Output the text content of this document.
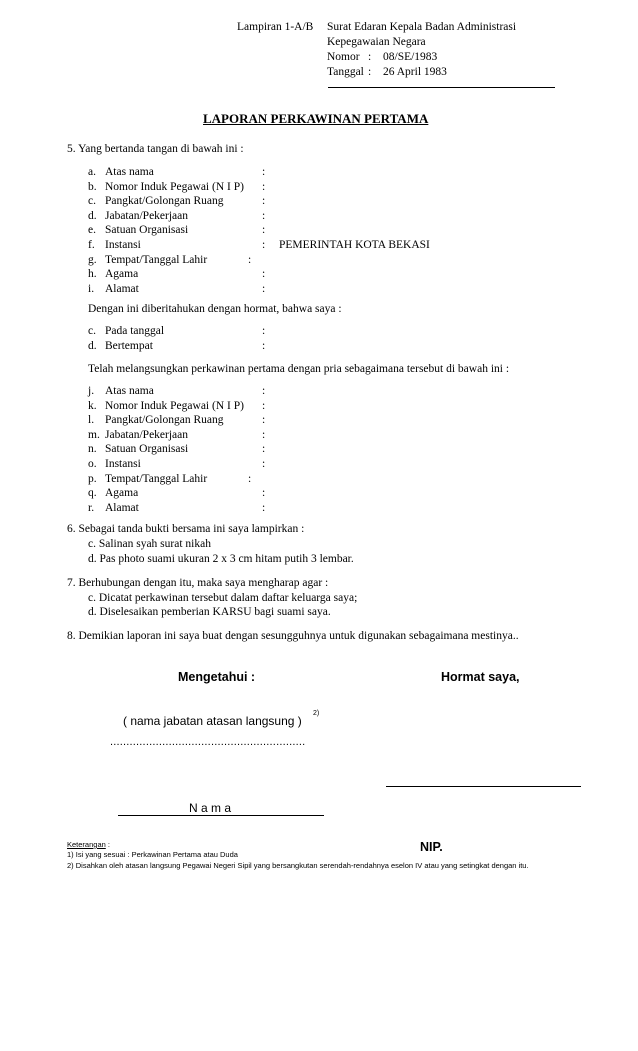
Lampiran 1-A/B Surat Edaran Kepala Badan Administrasi
Kepegawaian Negara
Nomor : 08/SE/1983
Tanggal : 26 April 1983
LAPORAN PERKAWINAN PERTAMA
5. Yang bertanda tangan di bawah ini :
a. Atas nama	:
b. Nomor Induk Pegawai (N I P) :
c. Pangkat/Golongan Ruang	:
d. Jabatan/Pekerjaan	:
e. Satuan Organisasi	:
f. Instansi	: PEMERINTAH KOTA BEKASI
g. Tempat/Tanggal Lahir	:
h. Agama	:
i. Alamat	:
Dengan ini diberitahukan dengan hormat, bahwa saya :
c. Pada tanggal	:
d. Bertempat	:
Telah melangsungkan perkawinan pertama dengan pria sebagaimana tersebut di bawah ini :
j. Atas nama	:
k. Nomor Induk Pegawai (N I P) :
l. Pangkat/Golongan Ruang	:
m. Jabatan/Pekerjaan	:
n. Satuan Organisasi	:
o. Instansi	:
p. Tempat/Tanggal Lahir	:
q. Agama	:
r. Alamat	:
6. Sebagai tanda bukti bersama ini saya lampirkan :
c. Salinan syah surat nikah
d. Pas photo suami ukuran 2 x 3 cm hitam putih 3 lembar.
7. Berhubungan dengan itu, maka saya mengharap agar :
c. Dicatat perkawinan tersebut dalam daftar keluarga saya;
d. Diselesaikan pemberian KARSU bagi suami saya.
8. Demikian laporan ini saya buat dengan sesungguhnya untuk digunakan sebagaimana mestinya..
Mengetahui :	Hormat saya,
( nama jabatan atasan langsung )
2)
............................................................
N a m a
NIP.
Keterangan :
1) Isi yang sesuai : Perkawinan Pertama atau Duda
2) Disahkan oleh atasan langsung Pegawai Negeri Sipil yang bersangkutan serendah-rendahnya eselon IV atau yang setingkat dengan itu.
